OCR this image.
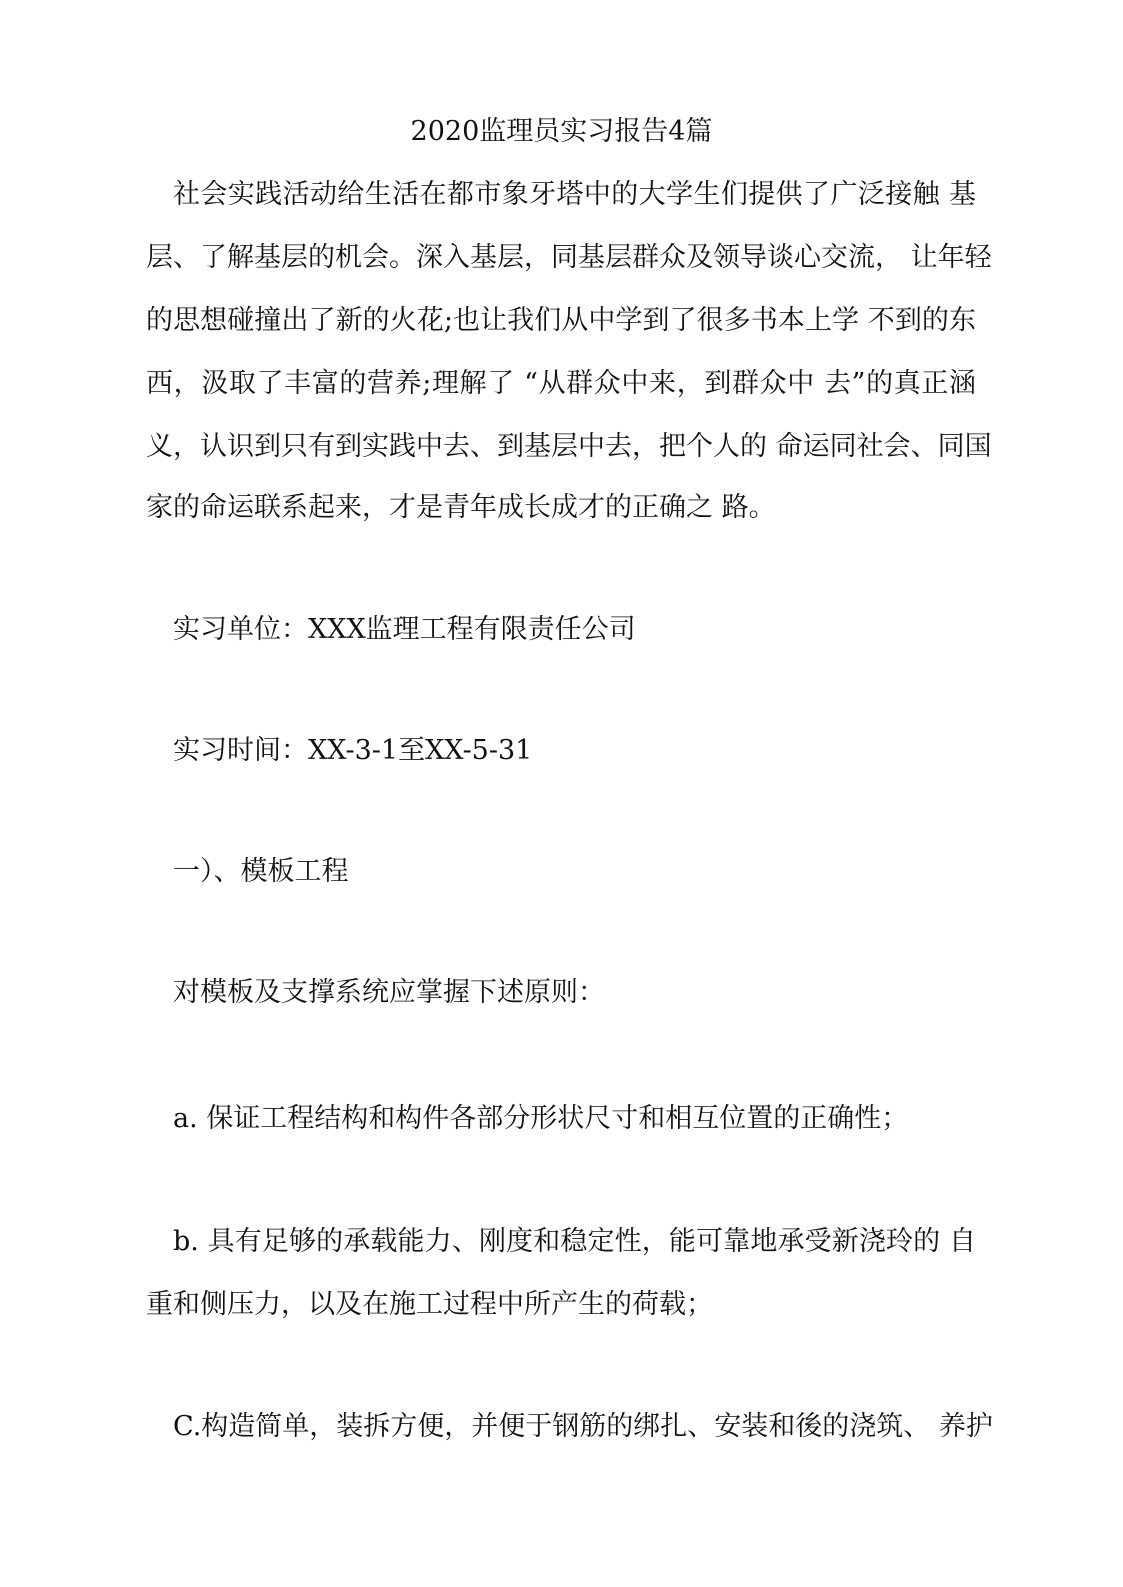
2020监理员实习报告4篇
社会实践活动给生活在都市象牙塔中的大学生们提供了广泛接触 基
层、了解基层的机会。深入基层，同基层群众及领导谈心交流， 让年轻
的思想碰撞出了新的火花;也让我们从中学到了很多书本上学 不到的东
西，汲取了丰富的营养;理解了 “从群众中来，到群众中 去”的真正涵
义，认识到只有到实践中去、到基层中去，把个人的 命运同社会、同国
家的命运联系起来，才是青年成长成才的正确之 路。
实习单位：XXX监理工程有限责任公司
实习时间：XX-3-1至XX-5-31
一）、模板工程
对模板及支撑系统应掌握下述原则：
a. 保证工程结构和构件各部分形状尺寸和相互位置的正确性；
b. 具有足够的承载能力、刚度和稳定性，能可靠地承受新浇玲的 自
重和侧压力，以及在施工过程中所产生的荷载；
C.构造简单，装拆方便，并便于钢筋的绑扎、安装和後的浇筑、 养护
